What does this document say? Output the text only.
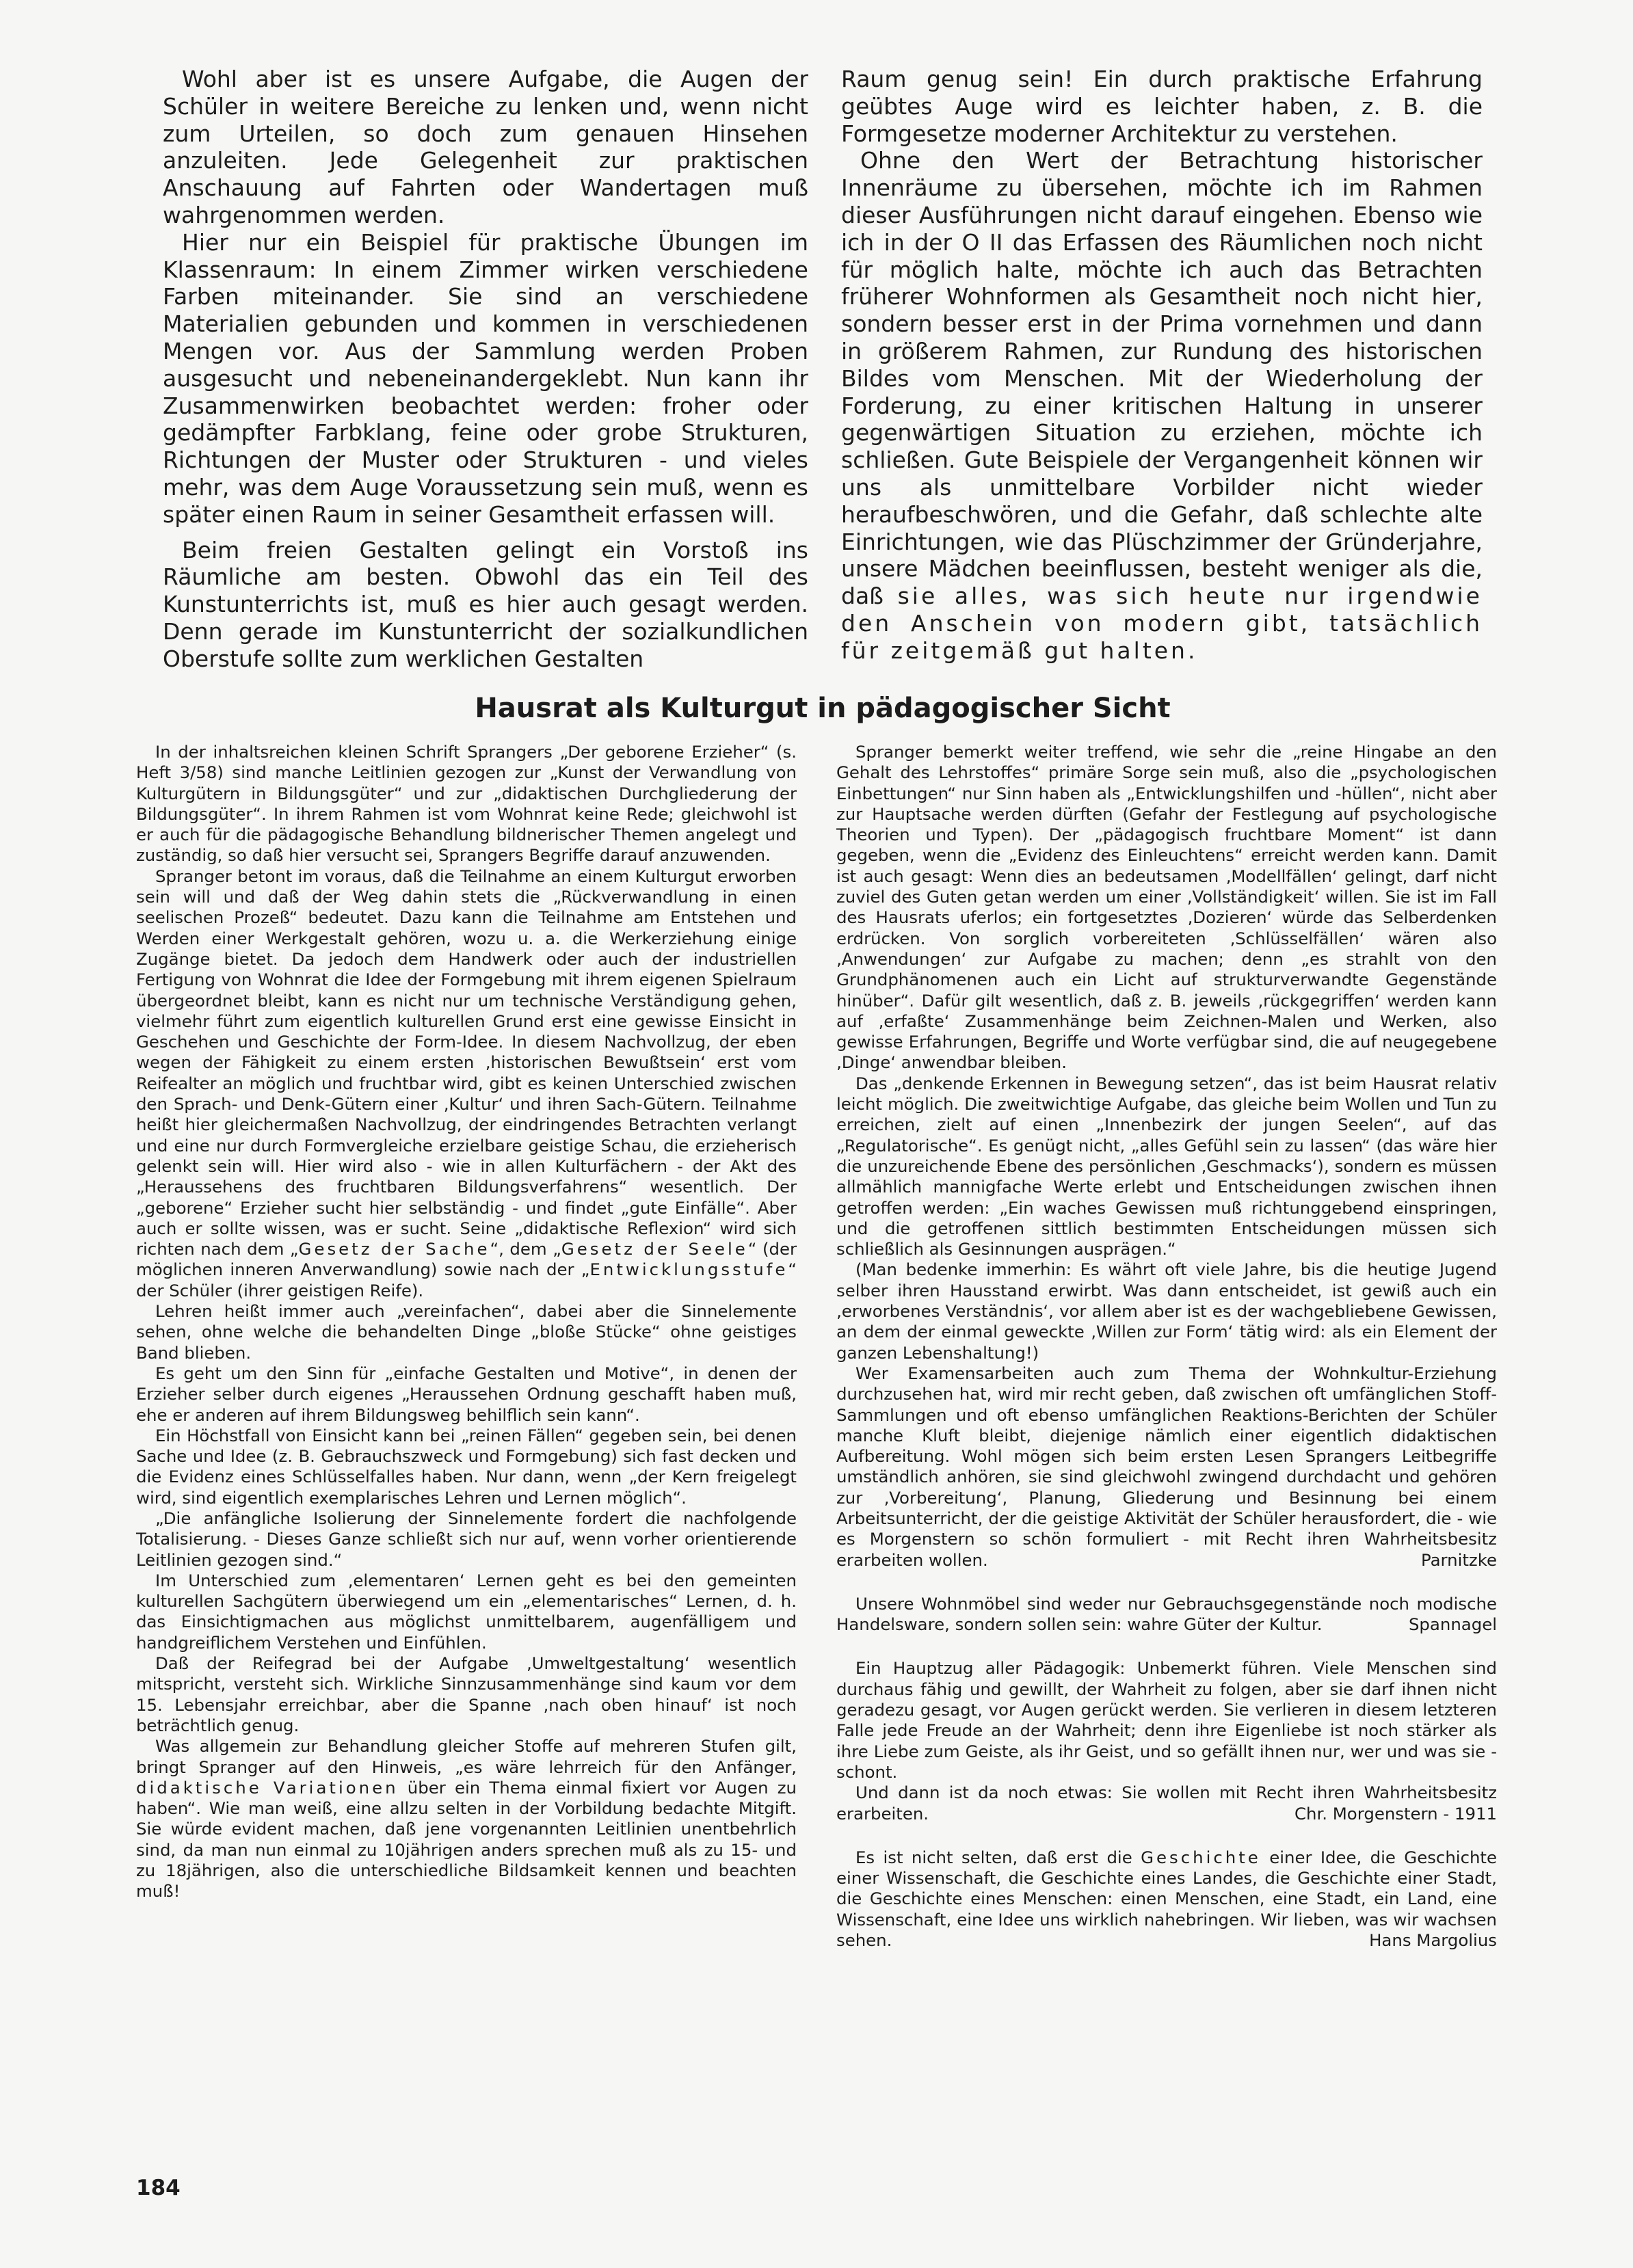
Wohl aber ist es unsere Aufgabe, die Augen der Schüler in weitere Bereiche zu lenken und, wenn nicht zum Urteilen, so doch zum genauen Hinsehen anzuleiten. Jede Gelegenheit zur praktischen Anschauung auf Fahrten oder Wandertagen muß wahrgenommen werden.

Hier nur ein Beispiel für praktische Übungen im Klassenraum: In einem Zimmer wirken verschiedene Farben miteinander. Sie sind an verschiedene Materialien gebunden und kommen in verschiedenen Mengen vor. Aus der Sammlung werden Proben ausgesucht und nebeneinandergeklebt. Nun kann ihr Zusammenwirken beobachtet werden: froher oder gedämpfter Farbklang, feine oder grobe Strukturen, Richtungen der Muster oder Strukturen - und vieles mehr, was dem Auge Voraussetzung sein muß, wenn es später einen Raum in seiner Gesamtheit erfassen will.

Beim freien Gestalten gelingt ein Vorstoß ins Räumliche am besten. Obwohl das ein Teil des Kunstunterrichts ist, muß es hier auch gesagt werden. Denn gerade im Kunstunterricht der sozialkundlichen Oberstufe sollte zum werklichen Gestalten

Raum genug sein! Ein durch praktische Erfahrung geübtes Auge wird es leichter haben, z. B. die Formgesetze moderner Architektur zu verstehen.

Ohne den Wert der Betrachtung historischer Innenräume zu übersehen, möchte ich im Rahmen dieser Ausführungen nicht darauf eingehen. Ebenso wie ich in der O II das Erfassen des Räumlichen noch nicht für möglich halte, möchte ich auch das Betrachten früherer Wohnformen als Gesamtheit noch nicht hier, sondern besser erst in der Prima vornehmen und dann in größerem Rahmen, zur Rundung des historischen Bildes vom Menschen. Mit der Wiederholung der Forderung, zu einer kritischen Haltung in unserer gegenwärtigen Situation zu erziehen, möchte ich schließen. Gute Beispiele der Vergangenheit können wir uns als unmittelbare Vorbilder nicht wieder heraufbeschwören, und die Gefahr, daß schlechte alte Einrichtungen, wie das Plüschzimmer der Gründerjahre, unsere Mädchen beeinflussen, besteht weniger als die, daß sie alles, was sich heute nur irgendwie den Anschein von modern gibt, tatsächlich für zeitgemäß gut halten.

Hausrat als Kulturgut in pädagogischer Sicht

In der inhaltsreichen kleinen Schrift Sprangers „Der geborene Erzieher“ (s. Heft 3/58) sind manche Leitlinien gezogen zur „Kunst der Verwandlung von Kulturgütern in Bildungsgüter“ und zur „didaktischen Durchgliederung der Bildungsgüter“. In ihrem Rahmen ist vom Wohnrat keine Rede; gleichwohl ist er auch für die pädagogische Behandlung bildnerischer Themen angelegt und zuständig, so daß hier versucht sei, Sprangers Begriffe darauf anzuwenden.

Spranger betont im voraus, daß die Teilnahme an einem Kulturgut erworben sein will und daß der Weg dahin stets die „Rückverwandlung in einen seelischen Prozeß“ bedeutet. Dazu kann die Teilnahme am Entstehen und Werden einer Werkgestalt gehören, wozu u. a. die Werkerziehung einige Zugänge bietet. Da jedoch dem Handwerk oder auch der industriellen Fertigung von Wohnrat die Idee der Formgebung mit ihrem eigenen Spielraum übergeordnet bleibt, kann es nicht nur um technische Verständigung gehen, vielmehr führt zum eigentlich kulturellen Grund erst eine gewisse Einsicht in Geschehen und Geschichte der Form-Idee. In diesem Nachvollzug, der eben wegen der Fähigkeit zu einem ersten ‚historischen Bewußtsein‘ erst vom Reifealter an möglich und fruchtbar wird, gibt es keinen Unterschied zwischen den Sprach- und Denk-Gütern einer ‚Kultur‘ und ihren Sach-Gütern. Teilnahme heißt hier gleichermaßen Nachvollzug, der eindringendes Betrachten verlangt und eine nur durch Formvergleiche erzielbare geistige Schau, die erzieherisch gelenkt sein will. Hier wird also - wie in allen Kulturfächern - der Akt des „Heraussehens des fruchtbaren Bildungsverfahrens“ wesentlich. Der „geborene“ Erzieher sucht hier selbständig - und findet „gute Einfälle“. Aber auch er sollte wissen, was er sucht. Seine „didaktische Reflexion“ wird sich richten nach dem „Gesetz der Sache“, dem „Gesetz der Seele“ (der möglichen inneren Anverwandlung) sowie nach der „Entwicklungsstufe“ der Schüler (ihrer geistigen Reife).

Lehren heißt immer auch „vereinfachen“, dabei aber die Sinnelemente sehen, ohne welche die behandelten Dinge „bloße Stücke“ ohne geistiges Band blieben.

Es geht um den Sinn für „einfache Gestalten und Motive“, in denen der Erzieher selber durch eigenes „Heraussehen Ordnung geschafft haben muß, ehe er anderen auf ihrem Bildungsweg behilflich sein kann“.

Ein Höchstfall von Einsicht kann bei „reinen Fällen“ gegeben sein, bei denen Sache und Idee (z. B. Gebrauchszweck und Formgebung) sich fast decken und die Evidenz eines Schlüsselfalles haben. Nur dann, wenn „der Kern freigelegt wird, sind eigentlich exemplarisches Lehren und Lernen möglich“.

„Die anfängliche Isolierung der Sinnelemente fordert die nachfolgende Totalisierung. - Dieses Ganze schließt sich nur auf, wenn vorher orientierende Leitlinien gezogen sind.“

Im Unterschied zum ‚elementaren‘ Lernen geht es bei den gemeinten kulturellen Sachgütern überwiegend um ein „elementarisches“ Lernen, d. h. das Einsichtigmachen aus möglichst unmittelbarem, augenfälligem und handgreiflichem Verstehen und Einfühlen.

Daß der Reifegrad bei der Aufgabe ‚Umweltgestaltung‘ wesentlich mitspricht, versteht sich. Wirkliche Sinnzusammenhänge sind kaum vor dem 15. Lebensjahr erreichbar, aber die Spanne ‚nach oben hinauf‘ ist noch beträchtlich genug.

Was allgemein zur Behandlung gleicher Stoffe auf mehreren Stufen gilt, bringt Spranger auf den Hinweis, „es wäre lehrreich für den Anfänger, didaktische Variationen über ein Thema einmal fixiert vor Augen zu haben“. Wie man weiß, eine allzu selten in der Vorbildung bedachte Mitgift. Sie würde evident machen, daß jene vorgenannten Leitlinien unentbehrlich sind, da man nun einmal zu 10jährigen anders sprechen muß als zu 15- und zu 18jährigen, also die unterschiedliche Bildsamkeit kennen und beachten muß!

Spranger bemerkt weiter treffend, wie sehr die „reine Hingabe an den Gehalt des Lehrstoffes“ primäre Sorge sein muß, also die „psychologischen Einbettungen“ nur Sinn haben als „Entwicklungshilfen und -hüllen“, nicht aber zur Hauptsache werden dürften (Gefahr der Festlegung auf psychologische Theorien und Typen). Der „pädagogisch fruchtbare Moment“ ist dann gegeben, wenn die „Evidenz des Einleuchtens“ erreicht werden kann. Damit ist auch gesagt: Wenn dies an bedeutsamen ‚Modellfällen‘ gelingt, darf nicht zuviel des Guten getan werden um einer ‚Vollständigkeit‘ willen. Sie ist im Fall des Hausrats uferlos; ein fortgesetztes ‚Dozieren‘ würde das Selberdenken erdrücken. Von sorglich vorbereiteten ‚Schlüsselfällen‘ wären also ‚Anwendungen‘ zur Aufgabe zu machen; denn „es strahlt von den Grundphänomenen auch ein Licht auf strukturverwandte Gegenstände hinüber“. Dafür gilt wesentlich, daß z. B. jeweils ‚rückgegriffen‘ werden kann auf ‚erfaßte‘ Zusammenhänge beim Zeichnen-Malen und Werken, also gewisse Erfahrungen, Begriffe und Worte verfügbar sind, die auf neugegebene ‚Dinge‘ anwendbar bleiben.

Das „denkende Erkennen in Bewegung setzen“, das ist beim Hausrat relativ leicht möglich. Die zweitwichtige Aufgabe, das gleiche beim Wollen und Tun zu erreichen, zielt auf einen „Innenbezirk der jungen Seelen“, auf das „Regulatorische“. Es genügt nicht, „alles Gefühl sein zu lassen“ (das wäre hier die unzureichende Ebene des persönlichen ‚Geschmacks‘), sondern es müssen allmählich mannigfache Werte erlebt und Entscheidungen zwischen ihnen getroffen werden: „Ein waches Gewissen muß richtunggebend einspringen, und die getroffenen sittlich bestimmten Entscheidungen müssen sich schließlich als Gesinnungen ausprägen.“

(Man bedenke immerhin: Es währt oft viele Jahre, bis die heutige Jugend selber ihren Hausstand erwirbt. Was dann entscheidet, ist gewiß auch ein ‚erworbenes Verständnis‘, vor allem aber ist es der wachgebliebene Gewissen, an dem der einmal geweckte ‚Willen zur Form‘ tätig wird: als ein Element der ganzen Lebenshaltung!)

Wer Examensarbeiten auch zum Thema der Wohnkultur-Erziehung durchzusehen hat, wird mir recht geben, daß zwischen oft umfänglichen Stoff-Sammlungen und oft ebenso umfänglichen Reaktions-Berichten der Schüler manche Kluft bleibt, diejenige nämlich einer eigentlich didaktischen Aufbereitung. Wohl mögen sich beim ersten Lesen Sprangers Leitbegriffe umständlich anhören, sie sind gleichwohl zwingend durchdacht und gehören zur ‚Vorbereitung‘, Planung, Gliederung und Besinnung bei einem Arbeitsunterricht, der die geistige Aktivität der Schüler herausfordert, die - wie es Morgenstern so schön formuliert - mit Recht ihren Wahrheitsbesitz erarbeiten wollen.	Parnitzke

Unsere Wohnmöbel sind weder nur Gebrauchsgegenstände noch modische Handelsware, sondern sollen sein: wahre Güter der Kultur.	Spannagel

Ein Hauptzug aller Pädagogik: Unbemerkt führen. Viele Menschen sind durchaus fähig und gewillt, der Wahrheit zu folgen, aber sie darf ihnen nicht geradezu gesagt, vor Augen gerückt werden. Sie verlieren in diesem letzteren Falle jede Freude an der Wahrheit; denn ihre Eigenliebe ist noch stärker als ihre Liebe zum Geiste, als ihr Geist, und so gefällt ihnen nur, wer und was sie - schont.

Und dann ist da noch etwas: Sie wollen mit Recht ihren Wahrheitsbesitz erarbeiten.	Chr. Morgenstern - 1911

Es ist nicht selten, daß erst die Geschichte einer Idee, die Geschichte einer Wissenschaft, die Geschichte eines Landes, die Geschichte einer Stadt, die Geschichte eines Menschen: einen Menschen, eine Stadt, ein Land, eine Wissenschaft, eine Idee uns wirklich nahebringen. Wir lieben, was wir wachsen sehen.	Hans Margolius

184
